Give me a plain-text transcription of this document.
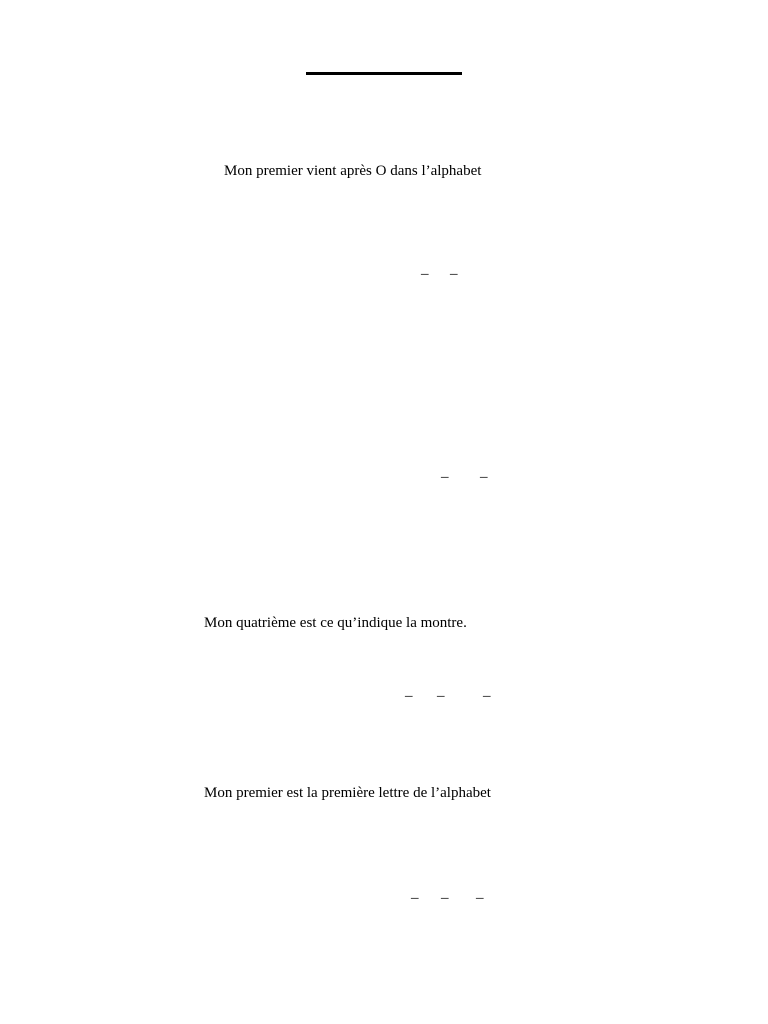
Mon premier vient après O dans l’alphabet
_ _
_ _
Mon quatrième est ce qu’indique la montre.
_ _	_
Mon premier est la première lettre de l’alphabet
_ _ _
